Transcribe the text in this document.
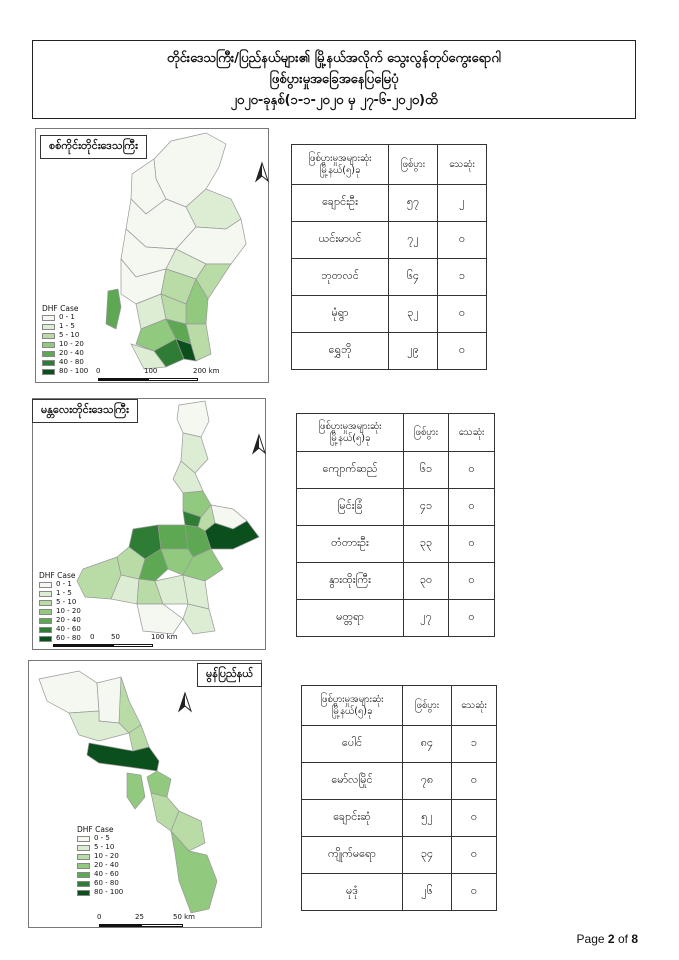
တိုင်းဒေသကြီး/ပြည်နယ်များ၏ မြို့နယ်အလိုက် သွေးလွန်တုပ်ကွေးရောဂါ
ဖြစ်ပွားမှုအခြေအနေပြမြေပုံ
၂၀၂၀-ခုနှစ်(၁-၁-၂၀၂၀ မှ ၂၇-၆-၂၀၂၀)ထိ
စစ်ကိုင်းတိုင်းဒေသကြီး
DHF Case
0 - 1
1 - 5
5 - 10
10 - 20
20 - 40
40 - 80
80 - 100 0	100	200 km
မန္တလေးတိုင်းဒေသကြီး
DHF Case
0 - 1
1 - 5
5 - 10
10 - 20
20 - 40
40 - 60
60 - 80 0 50	100 km
မွန်ပြည်နယ်
DHF Case
0 - 5
5 - 10
10 - 20
20 - 40
40 - 60
60 - 80
80 - 100
0	25	50 km
ဖြစ်ပွားမှုအများဆုံး
မြို့နယ်(၅)ခု	ဖြစ်ပွား	သေဆုံး
ချောင်းဦး	၅၇	၂
ယင်းမာပင်	၇၂	၀
ဘုတလင်	၆၄	၁
မုံရွာ	၃၂	၀
ရွှေဘို	၂၉	၀
ဖြစ်ပွားမှုအများဆုံး
မြို့နယ်(၅)ခု	ဖြစ်ပွား	သေဆုံး
ကျောက်ဆည်	၆၁	၀
မြင်းခြံ	၄၁	၀
တံတားဦး	၃၃	၀
နွားထိုးကြီး	၃၀	၀
မတ္တရာ	၂၇	၀
ဖြစ်ပွားမှုအများဆုံး
မြို့နယ်(၅)ခု	ဖြစ်ပွား	သေဆုံး
ပေါင်	၈၄	၁
မော်လမြိုင်	၇၈	၀
ချောင်းဆုံ	၅၂	၀
ကျိုက်မရော	၃၄	၀
မုဒုံ	၂၆	၀
Page 2 of 8
